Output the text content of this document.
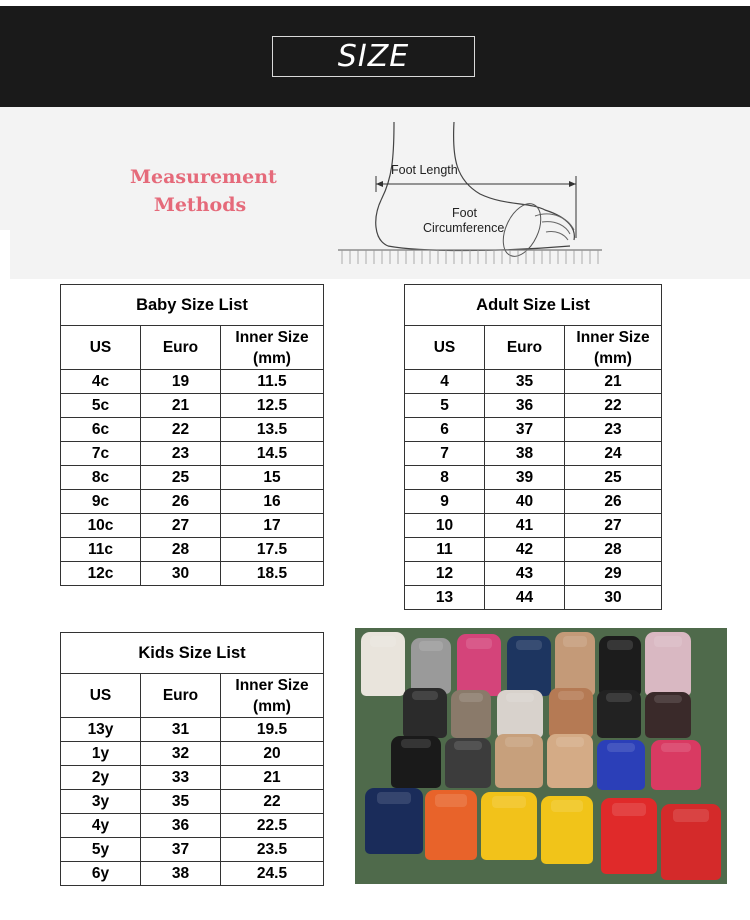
SIZE
Measurement
Methods
Foot Length
Foot
Circumference
Baby Size List		
US	Euro	Inner Size
(mm)
4c	19	11.5
5c	21	12.5
6c	22	13.5
7c	23	14.5
8c	25	15
9c	26	16
10c	27	17
11c	28	17.5
12c	30	18.5
Adult Size List		
US	Euro	Inner Size
(mm)
4	35	21
5	36	22
6	37	23
7	38	24
8	39	25
9	40	26
10	41	27
11	42	28
12	43	29
13	44	30
Kids Size List		
US	Euro	Inner Size
(mm)
13y	31	19.5
1y	32	20
2y	33	21
3y	35	22
4y	36	22.5
5y	37	23.5
6y	38	24.5
